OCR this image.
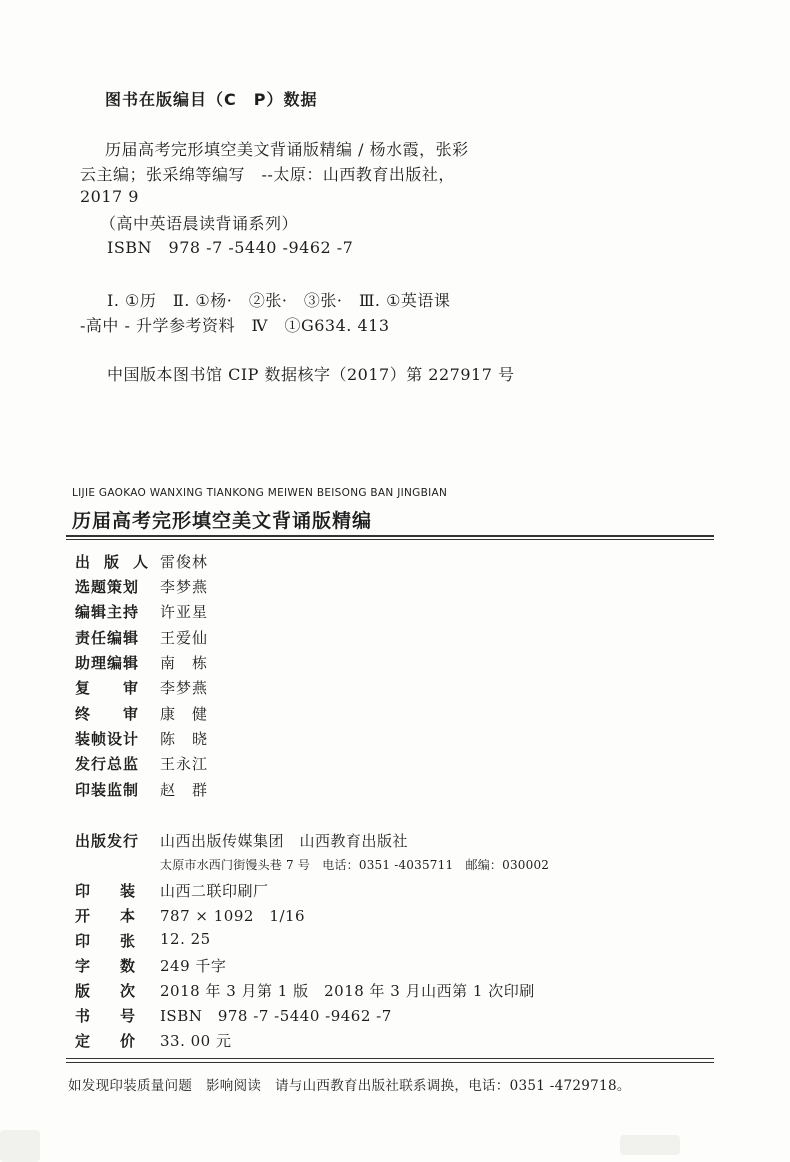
图书在版编目（C　P）数据
历届高考完形填空美文背诵版精编 / 杨水霞，张彩
云主编；张采绵等编写　--太原：山西教育出版社，
2017 9
（高中英语晨读背诵系列）
ISBN　978 -7 -5440 -9462 -7
Ⅰ. ①历　Ⅱ. ①杨·　②张·　③张·　Ⅲ. ①英语课
-高中 - 升学参考资料　Ⅳ　①G634. 413
中国版本图书馆 CIP 数据核字（2017）第 227917 号
LIJIE GAOKAO WANXING TIANKONG MEIWEN BEISONG BAN JINGBIAN
历届高考完形填空美文背诵版精编
出版人
雷俊林
选题策划 李梦燕
编辑主持 许亚星
责任编辑 王爱仙
助理编辑 南　栋
复审
李梦燕
终审
康　健
装帧设计 陈　晓
发行总监 王永江
印装监制 赵　群
出版发行 山西出版传媒集团　山西教育出版社
太原市水西门街馒头巷 7 号　电话：0351 -4035711　邮编：030002
印装
山西二联印刷厂
开本
787 × 1092　1/16
印张
12. 25
字数
249 千字
版次
2018 年 3 月第 1 版　2018 年 3 月山西第 1 次印刷
书号
ISBN　978 -7 -5440 -9462 -7
定价
33. 00 元
如发现印装质量问题　影响阅读　请与山西教育出版社联系调换，电话：0351 -4729718。
